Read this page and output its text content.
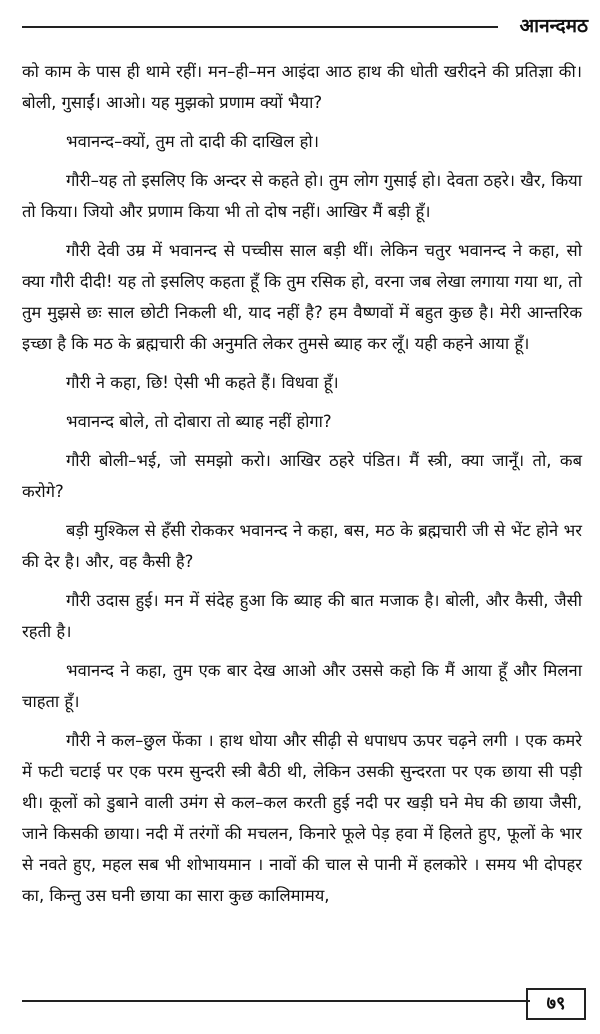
आनन्दमठ

को काम के पास ही थामे रहीं। मन–ही–मन आइंदा आठ हाथ की धोती खरीदने की प्रतिज्ञा की। बोली, गुसाईं। आओ। यह मुझको प्रणाम क्यों भैया?

भवानन्द–क्यों, तुम तो दादी की दाखिल हो।

गौरी–यह तो इसलिए कि अन्दर से कहते हो। तुम लोग गुसाई हो। देवता ठहरे। खैर, किया तो किया। जियो और प्रणाम किया भी तो दोष नहीं। आखिर मैं बड़ी हूँ।

गौरी देवी उम्र में भवानन्द से पच्चीस साल बड़ी थीं। लेकिन चतुर भवानन्द ने कहा, सो क्या गौरी दीदी! यह तो इसलिए कहता हूँ कि तुम रसिक हो, वरना जब लेखा लगाया गया था, तो तुम मुझसे छः साल छोटी निकली थी, याद नहीं है? हम वैष्णवों में बहुत कुछ है। मेरी आन्तरिक इच्छा है कि मठ के ब्रह्मचारी की अनुमति लेकर तुमसे ब्याह कर लूँ। यही कहने आया हूँ।

गौरी ने कहा, छि! ऐसी भी कहते हैं। विधवा हूँ।

भवानन्द बोले, तो दोबारा तो ब्याह नहीं होगा?

गौरी बोली–भई, जो समझो करो। आखिर ठहरे पंडित। मैं स्त्री, क्या जानूँ। तो, कब करोगे?

बड़ी मुश्किल से हँसी रोककर भवानन्द ने कहा, बस, मठ के ब्रह्मचारी जी से भेंट होने भर की देर है। और, वह कैसी है?

गौरी उदास हुई। मन में संदेह हुआ कि ब्याह की बात मजाक है। बोली, और कैसी, जैसी रहती है।

भवानन्द ने कहा, तुम एक बार देख आओ और उससे कहो कि मैं आया हूँ और मिलना चाहता हूँ।

गौरी ने कल–छुल फेंका । हाथ धोया और सीढ़ी से धपाधप ऊपर चढ़ने लगी । एक कमरे में फटी चटाई पर एक परम सुन्दरी स्त्री बैठी थी, लेकिन उसकी सुन्दरता पर एक छाया सी पड़ी थी। कूलों को डुबाने वाली उमंग से कल–कल करती हुई नदी पर खड़ी घने मेघ की छाया जैसी, जाने किसकी छाया। नदी में तरंगों की मचलन, किनारे फूले पेड़ हवा में हिलते हुए, फूलों के भार से नवते हुए, महल सब भी शोभायमान । नावों की चाल से पानी में हलकोरे । समय भी दोपहर का, किन्तु उस घनी छाया का सारा कुछ कालिमामय,

७९
